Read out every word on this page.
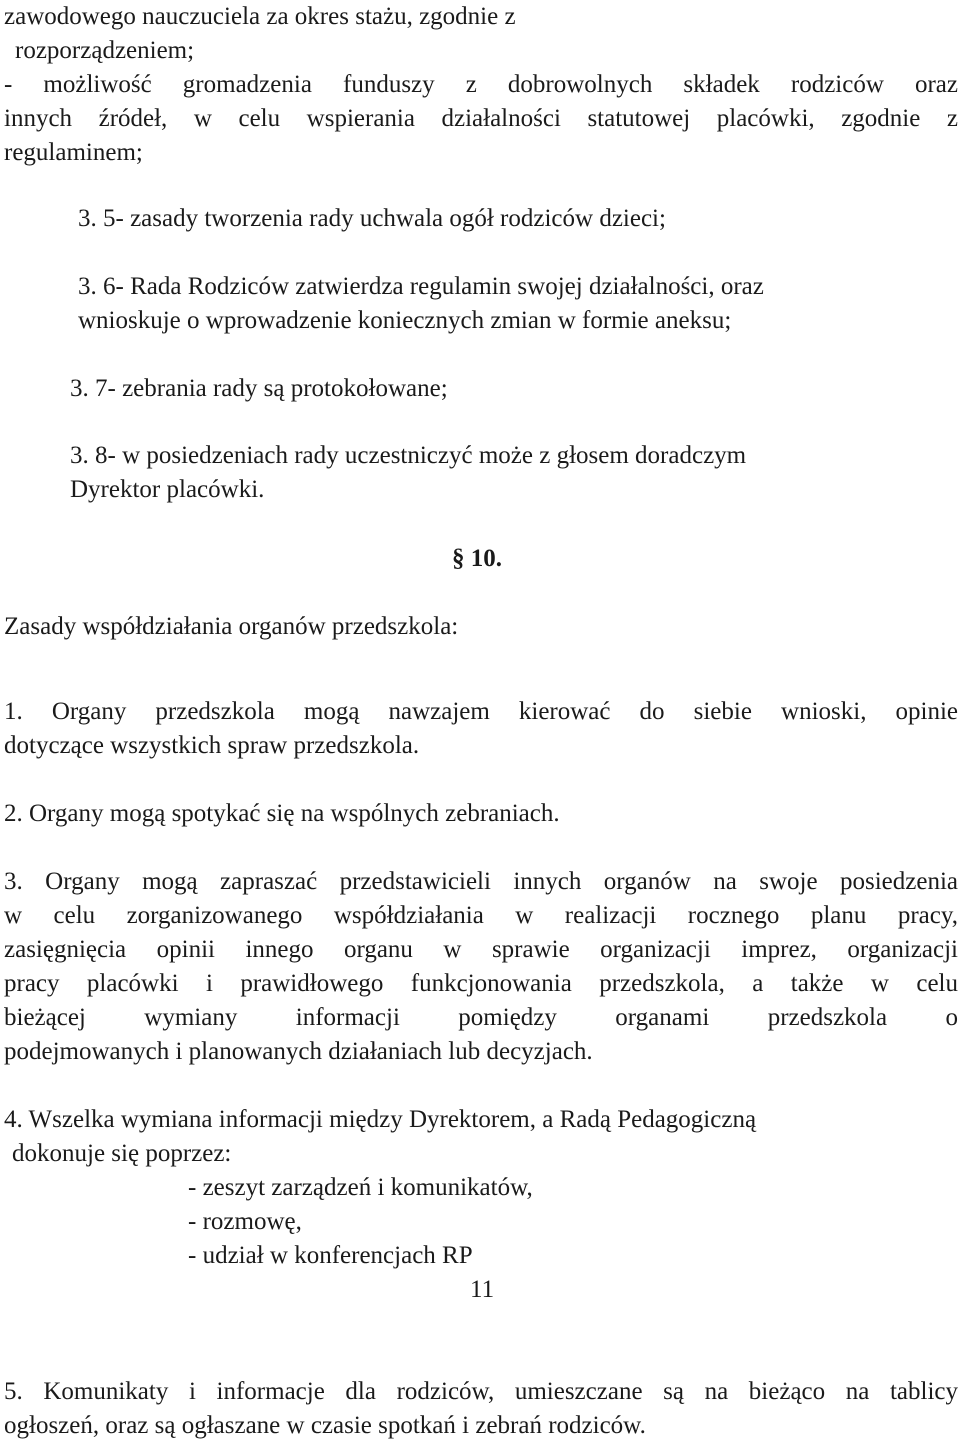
zawodowego nauczuciela za okres stażu, zgodnie z
rozporządzeniem;
- możliwość gromadzenia funduszy z dobrowolnych składek rodziców oraz
innych źródeł, w celu wspierania działalności statutowej placówki, zgodnie z
regulaminem;
3. 5- zasady tworzenia rady uchwala ogół rodziców dzieci;
3. 6- Rada Rodziców zatwierdza regulamin swojej działalności, oraz
wnioskuje o wprowadzenie koniecznych zmian w formie aneksu;
3. 7- zebrania rady są protokołowane;
3. 8- w posiedzeniach rady uczestniczyć może z głosem doradczym
Dyrektor placówki.
§ 10.
Zasady współdziałania organów przedszkola:
1. Organy przedszkola mogą nawzajem kierować do siebie wnioski, opinie
dotyczące wszystkich spraw przedszkola.
2. Organy mogą spotykać się na wspólnych zebraniach.
3. Organy mogą zapraszać przedstawicieli innych organów na swoje posiedzenia
w celu zorganizowanego współdziałania w realizacji rocznego planu pracy,
zasięgnięcia opinii innego organu w sprawie organizacji imprez, organizacji
pracy placówki i prawidłowego funkcjonowania przedszkola, a także w celu
bieżącej wymiany informacji pomiędzy organami przedszkola o
podejmowanych i planowanych działaniach lub decyzjach.
4. Wszelka wymiana informacji między Dyrektorem, a Radą Pedagogiczną
dokonuje się poprzez:
- zeszyt zarządzeń i komunikatów,
- rozmowę,
- udział w konferencjach RP
11
5. Komunikaty i informacje dla rodziców, umieszczane są na bieżąco na tablicy
ogłoszeń, oraz są ogłaszane w czasie spotkań i zebrań rodziców.
